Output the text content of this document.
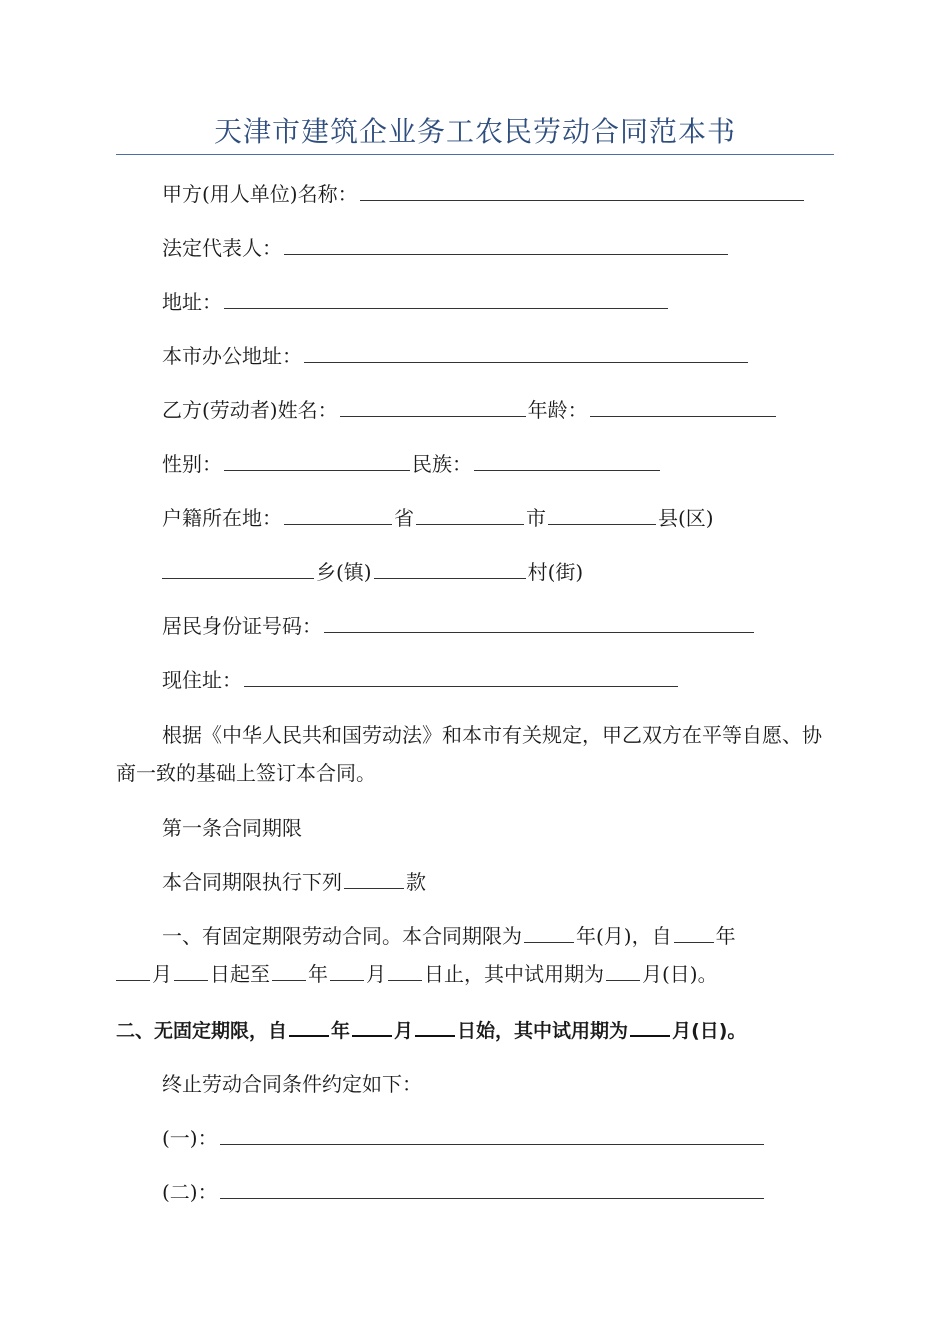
天津市建筑企业务工农民劳动合同范本书
甲方(用人单位)名称：
法定代表人：
地址：
本市办公地址：
乙方(劳动者)姓名：	年龄：
性别：	民族：
户籍所在地：	省	市	县(区)
乡(镇)	村(街)
居民身份证号码：
现住址：

根据《中华人民共和国劳动法》和本市有关规定，甲乙双方在平等自愿、协商一致的基础上签订本合同。

第一条合同期限
本合同期限执行下列	款
一、有固定期限劳动合同。本合同期限为	年(月)，自 年
月 日起至 年 月 日止，其中试用期为 月(日)。
二、无固定期限，自 年 月 日始，其中试用期为 月(日)。
终止劳动合同条件约定如下：
(一)：
(二)：
